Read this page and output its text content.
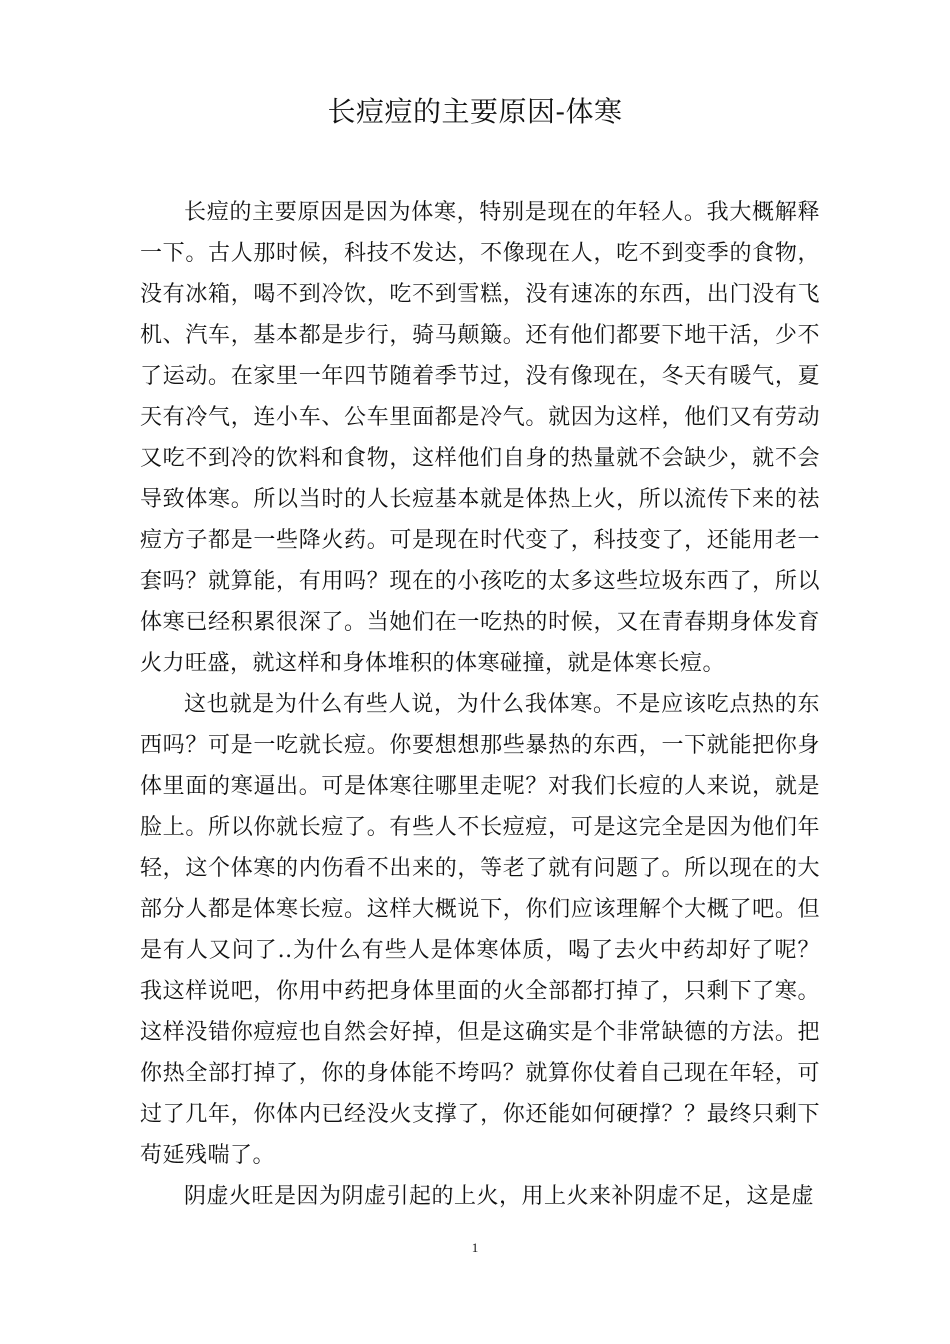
长痘痘的主要原因-体寒

长痘的主要原因是因为体寒，特别是现在的年轻人。我大概解释一下。古人那时候，科技不发达，不像现在人，吃不到变季的食物，没有冰箱，喝不到冷饮，吃不到雪糕，没有速冻的东西，出门没有飞机、汽车，基本都是步行，骑马颠簸。还有他们都要下地干活，少不了运动。在家里一年四节随着季节过，没有像现在，冬天有暖气，夏天有冷气，连小车、公车里面都是冷气。就因为这样，他们又有劳动又吃不到冷的饮料和食物，这样他们自身的热量就不会缺少，就不会导致体寒。所以当时的人长痘基本就是体热上火，所以流传下来的祛痘方子都是一些降火药。可是现在时代变了，科技变了，还能用老一套吗？就算能，有用吗？现在的小孩吃的太多这些垃圾东西了，所以体寒已经积累很深了。当她们在一吃热的时候，又在青春期身体发育火力旺盛，就这样和身体堆积的体寒碰撞，就是体寒长痘。

这也就是为什么有些人说，为什么我体寒。不是应该吃点热的东西吗？可是一吃就长痘。你要想想那些暴热的东西，一下就能把你身体里面的寒逼出。可是体寒往哪里走呢？对我们长痘的人来说，就是脸上。所以你就长痘了。有些人不长痘痘，可是这完全是因为他们年轻，这个体寒的内伤看不出来的，等老了就有问题了。所以现在的大部分人都是体寒长痘。这样大概说下，你们应该理解个大概了吧。但是有人又问了..为什么有些人是体寒体质，喝了去火中药却好了呢？我这样说吧，你用中药把身体里面的火全部都打掉了，只剩下了寒。这样没错你痘痘也自然会好掉，但是这确实是个非常缺德的方法。把你热全部打掉了，你的身体能不垮吗？就算你仗着自己现在年轻，可过了几年，你体内已经没火支撑了，你还能如何硬撑？？最终只剩下苟延残喘了。

阴虚火旺是因为阴虚引起的上火，用上火来补阴虚不足，这是虚

1
